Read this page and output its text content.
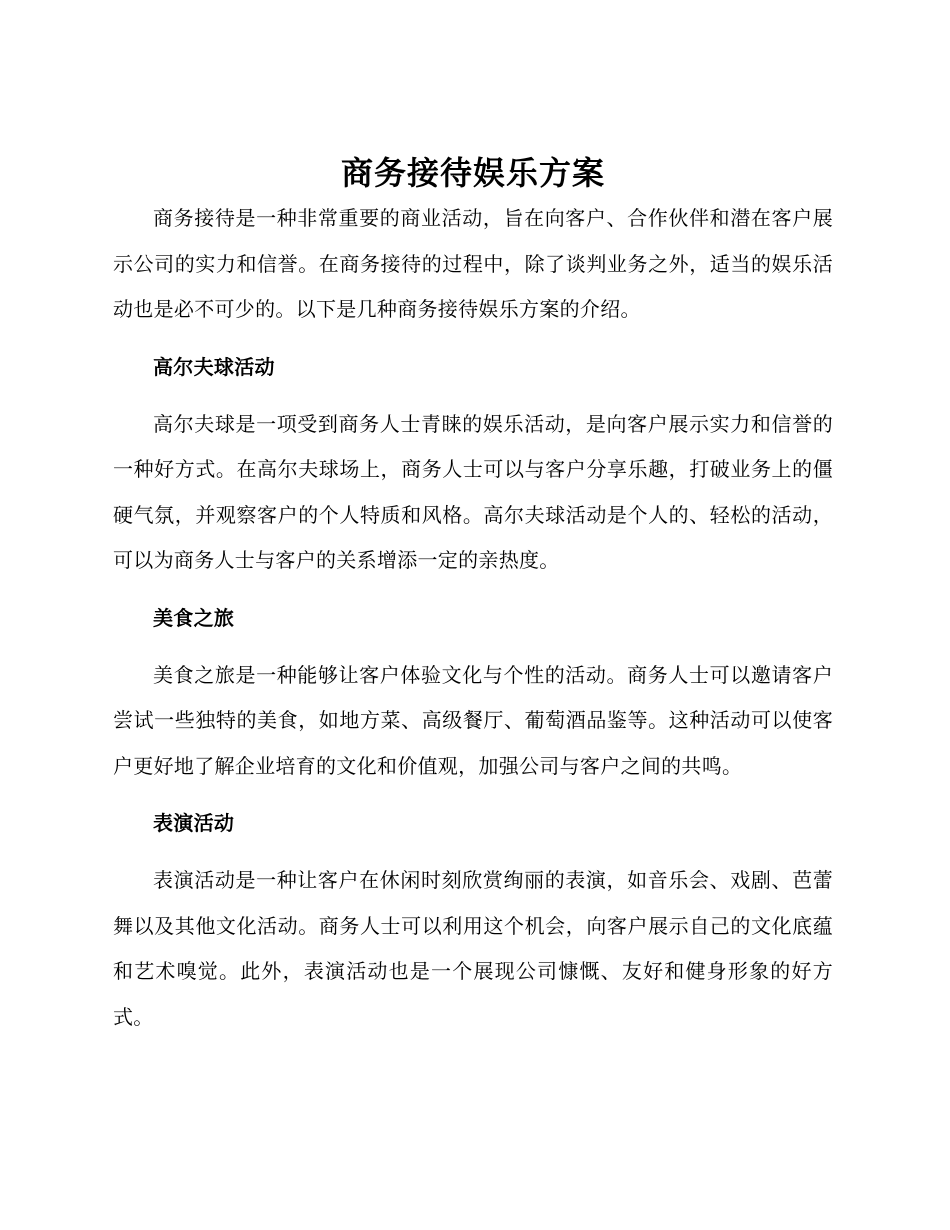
商务接待娱乐方案

商务接待是一种非常重要的商业活动，旨在向客户、合作伙伴和潜在客户展示公司的实力和信誉。在商务接待的过程中，除了谈判业务之外，适当的娱乐活动也是必不可少的。以下是几种商务接待娱乐方案的介绍。

高尔夫球活动

高尔夫球是一项受到商务人士青睐的娱乐活动，是向客户展示实力和信誉的一种好方式。在高尔夫球场上，商务人士可以与客户分享乐趣，打破业务上的僵硬气氛，并观察客户的个人特质和风格。高尔夫球活动是个人的、轻松的活动，可以为商务人士与客户的关系增添一定的亲热度。

美食之旅

美食之旅是一种能够让客户体验文化与个性的活动。商务人士可以邀请客户尝试一些独特的美食，如地方菜、高级餐厅、葡萄酒品鉴等。这种活动可以使客户更好地了解企业培育的文化和价值观，加强公司与客户之间的共鸣。

表演活动

表演活动是一种让客户在休闲时刻欣赏绚丽的表演，如音乐会、戏剧、芭蕾舞以及其他文化活动。商务人士可以利用这个机会，向客户展示自己的文化底蕴和艺术嗅觉。此外，表演活动也是一个展现公司慷慨、友好和健身形象的好方式。
